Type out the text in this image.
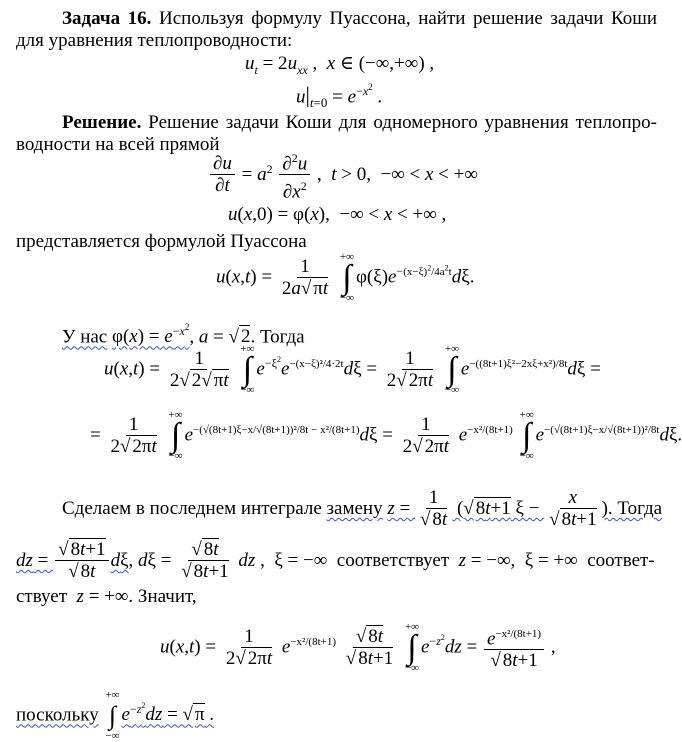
Задача 16. Используя формулу Пуассона, найти решение задачи Коши
для уравнения теплопроводности:
$u_t = 2u_{xx}$ ,  x ∈ (−∞,+∞) ,
$u|_{t=0} = e^{-x^2}$ .
Решение. Решение задачи Коши для одномерного уравнения теплопро-
водности на всей прямой
$\frac{\partial u}{\partial t} = a^2 \frac{\partial^2u}{\partial x^2}$ ,  t > 0,  −∞ < x < +∞
u(x,0) = φ(x),  −∞ < x < +∞ ,
представляется формулой Пуассона
$u(x,t) = \frac{1}{2a√ \pi t}$
+∞
∫
−∞
$\varphi(\xi)e^{-(x-\xi)^2/4a^2t}d\xi$.
У нас $\varphi(x) = e^{-x^2}$, a = √ 2. Тогда
$u(x,t) = \frac{1}{2√ 2√ \pi t}$
+∞
∫
−∞
$e^{-\xi^2}e^{-(x-\xi)^2/4\cdot 2t}d\xi = \frac{1}{2√ 2\pi t}$
+∞
∫
−∞
$e^{-((8t+1)\xi^2-2x\xi+x^2)/8t}d\xi$ =
= $\frac{1}{2√ 2\pi t}$
+∞
∫
−∞
$e^{-(√(8t+1)\xi-x/√(8t+1))^2/8t - x^2/(8t+1)}d\xi = \frac{1}{2√ 2\pi t} e^{-x^2/(8t+1)}$
+∞
∫
−∞
$e^{-(√(8t+1)\xi-x/√(8t+1))^2/8t}d\xi$.
Сделаем в последнем интеграле замену $z = \frac{1}{√ 8t}$ (√ 8t+1 $\xi - \frac{x}{√ 8t+1}$ ). Тогда
dz = $\frac{√ 8t+1}{√ 8t} d\xi$, $d\xi = \frac{√ 8t}{√ 8t+1}$ dz ,  ξ = −∞  соответствует  z = −∞,  ξ = +∞  соответ-
ствует  z = +∞. Значит,
$u(x,t) = \frac{1}{2√ 2\pi t} e^{-x^2/(8t+1)} \frac{√ 8t}{√ 8t+1}$
+∞
∫
−∞
$e^{-z^2}dz = \frac{e^{-x^2/(8t+1)}}{√ 8t+1}$ ,
поскольку
+∞
∫
−∞
$e^{-z^2}dz$ = √ π .
